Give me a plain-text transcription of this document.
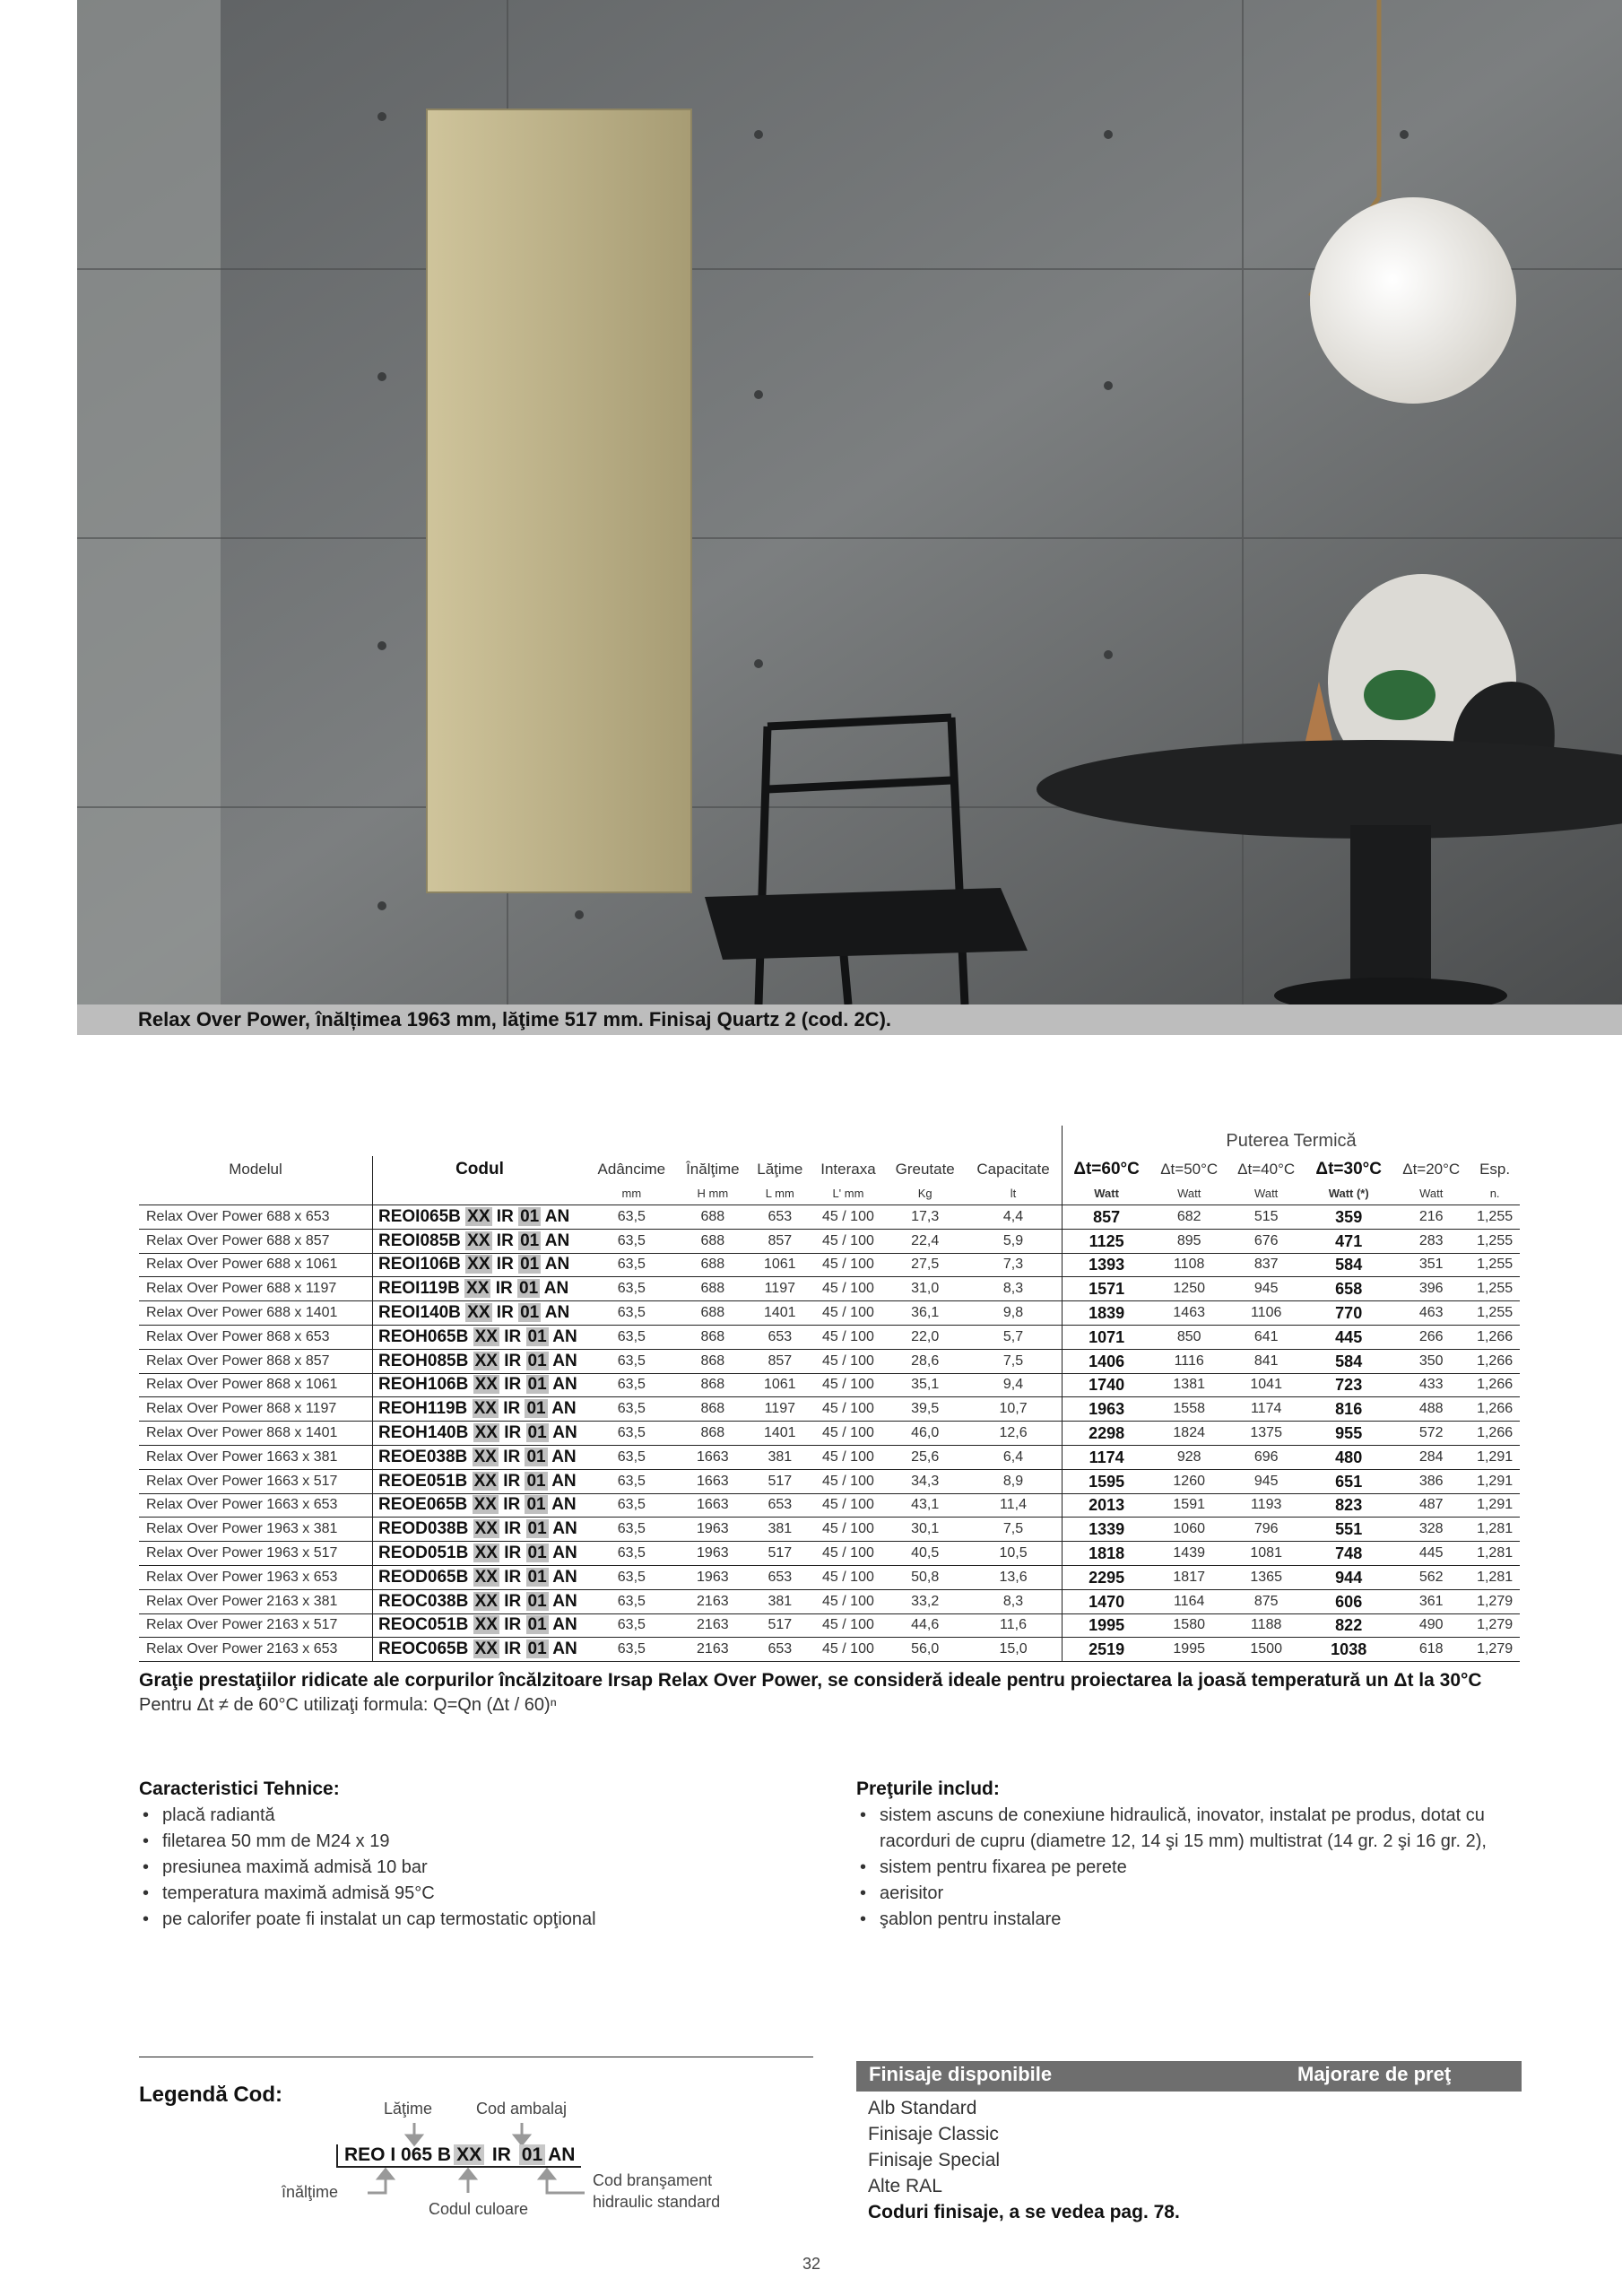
Relax Over Power, înălțimea 1963 mm, lăţime 517 mm. Finisaj Quartz 2 (cod. 2C).
								Puterea Termică					
Modelul	Codul	Adâncime	Înălţime	Lăţime	Interaxa	Greutate	Capacitate	Δt=60°C	Δt=50°C	Δt=40°C	Δt=30°C	Δt=20°C	Esp.
		mm	H mm	L mm	L' mm	Kg	lt	Watt	Watt	Watt	Watt (*)	Watt	n.
Relax Over Power 688 x 653	REOI065B XX IR 01 AN	63,5	688	653	45 / 100	17,3	4,4	857	682	515	359	216	1,255
Relax Over Power 688 x 857	REOI085B XX IR 01 AN	63,5	688	857	45 / 100	22,4	5,9	1125	895	676	471	283	1,255
Relax Over Power 688 x 1061	REOI106B XX IR 01 AN	63,5	688	1061	45 / 100	27,5	7,3	1393	1108	837	584	351	1,255
Relax Over Power 688 x 1197	REOI119B XX IR 01 AN	63,5	688	1197	45 / 100	31,0	8,3	1571	1250	945	658	396	1,255
Relax Over Power 688 x 1401	REOI140B XX IR 01 AN	63,5	688	1401	45 / 100	36,1	9,8	1839	1463	1106	770	463	1,255
Relax Over Power 868 x 653	REOH065B XX IR 01 AN	63,5	868	653	45 / 100	22,0	5,7	1071	850	641	445	266	1,266
Relax Over Power 868 x 857	REOH085B XX IR 01 AN	63,5	868	857	45 / 100	28,6	7,5	1406	1116	841	584	350	1,266
Relax Over Power 868 x 1061	REOH106B XX IR 01 AN	63,5	868	1061	45 / 100	35,1	9,4	1740	1381	1041	723	433	1,266
Relax Over Power 868 x 1197	REOH119B XX IR 01 AN	63,5	868	1197	45 / 100	39,5	10,7	1963	1558	1174	816	488	1,266
Relax Over Power 868 x 1401	REOH140B XX IR 01 AN	63,5	868	1401	45 / 100	46,0	12,6	2298	1824	1375	955	572	1,266
Relax Over Power 1663 x 381	REOE038B XX IR 01 AN	63,5	1663	381	45 / 100	25,6	6,4	1174	928	696	480	284	1,291
Relax Over Power 1663 x 517	REOE051B XX IR 01 AN	63,5	1663	517	45 / 100	34,3	8,9	1595	1260	945	651	386	1,291
Relax Over Power 1663 x 653	REOE065B XX IR 01 AN	63,5	1663	653	45 / 100	43,1	11,4	2013	1591	1193	823	487	1,291
Relax Over Power 1963 x 381	REOD038B XX IR 01 AN	63,5	1963	381	45 / 100	30,1	7,5	1339	1060	796	551	328	1,281
Relax Over Power 1963 x 517	REOD051B XX IR 01 AN	63,5	1963	517	45 / 100	40,5	10,5	1818	1439	1081	748	445	1,281
Relax Over Power 1963 x 653	REOD065B XX IR 01 AN	63,5	1963	653	45 / 100	50,8	13,6	2295	1817	1365	944	562	1,281
Relax Over Power 2163 x 381	REOC038B XX IR 01 AN	63,5	2163	381	45 / 100	33,2	8,3	1470	1164	875	606	361	1,279
Relax Over Power 2163 x 517	REOC051B XX IR 01 AN	63,5	2163	517	45 / 100	44,6	11,6	1995	1580	1188	822	490	1,279
Relax Over Power 2163 x 653	REOC065B XX IR 01 AN	63,5	2163	653	45 / 100	56,0	15,0	2519	1995	1500	1038	618	1,279
Graţie prestaţiilor ridicate ale corpurilor încălzitoare Irsap Relax Over Power, se consideră ideale pentru proiectarea la joasă temperatură un Δt la 30°C
Pentru Δt ≠ de 60°C utilizaţi formula: Q=Qn (Δt / 60)ⁿ
Caracteristici Tehnice:
• placă radiantă
• filetarea 50 mm de M24 x 19
• presiunea maximă admisă 10 bar
• temperatura maximă admisă 95°C
• pe calorifer poate fi instalat un cap termostatic opţional
Preţurile includ:
• sistem ascuns de conexiune hidraulică, inovator, instalat pe produs, dotat cu racorduri de cupru (diametre 12, 14 şi 15 mm) multistrat (14 gr. 2 şi 16 gr. 2),
• sistem pentru fixarea pe perete
• aerisitor
• şablon pentru instalare
Legendă Cod:
Lăţime	Cod ambalaj
REO I 065 B XX IR 01 AN
înălţime
Codul culoare
Cod branşament
hidraulic standard
Finisaje disponibile	Majorare de preţ
Alb Standard
Finisaje Classic
Finisaje Special
Alte RAL
Coduri finisaje, a se vedea pag. 78.
32
